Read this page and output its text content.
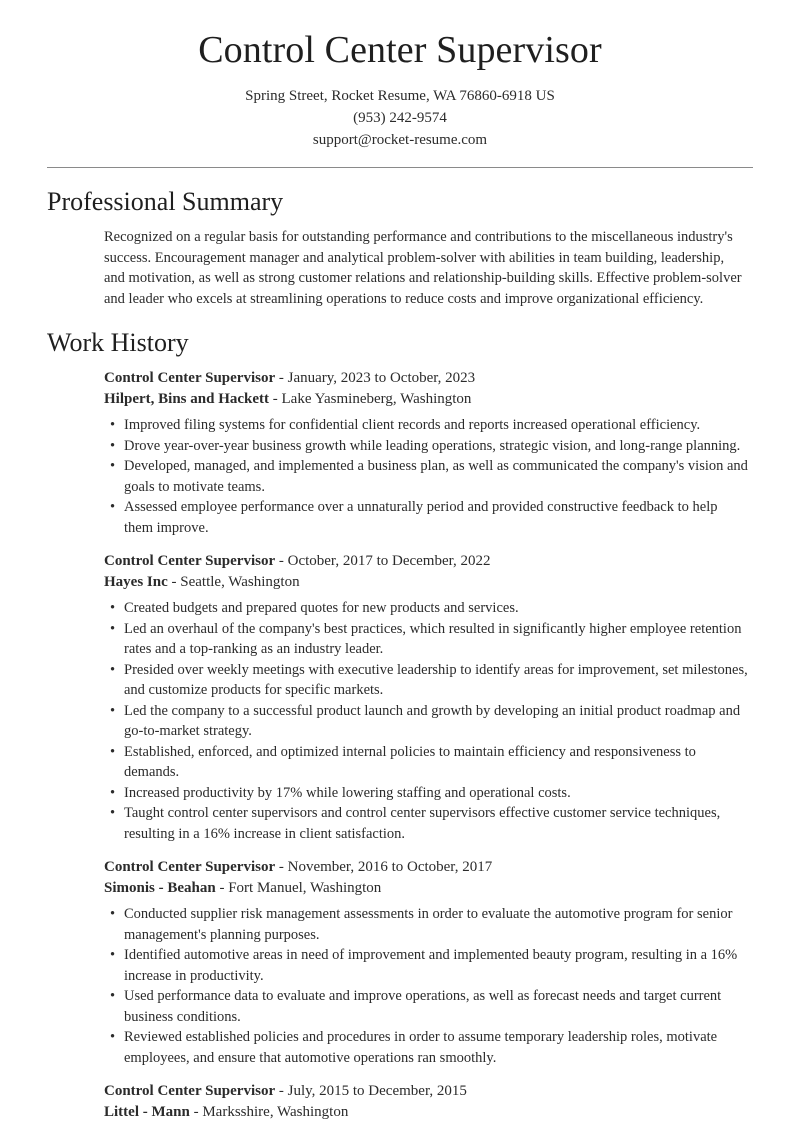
Control Center Supervisor

Spring Street, Rocket Resume, WA 76860-6918 US

(953) 242-9574

support@rocket-resume.com

Professional Summary

Recognized on a regular basis for outstanding performance and contributions to the miscellaneous industry's success. Encouragement manager and analytical problem-solver with abilities in team building, leadership, and motivation, as well as strong customer relations and relationship-building skills. Effective problem-solver and leader who excels at streamlining operations to reduce costs and improve organizational efficiency.

Work History
Control Center Supervisor - January, 2023 to October, 2023
Hilpert, Bins and Hackett - Lake Yasmineberg, Washington
• Improved filing systems for confidential client records and reports increased operational efficiency.
• Drove year-over-year business growth while leading operations, strategic vision, and long-range planning.
• Developed, managed, and implemented a business plan, as well as communicated the company's vision and goals to motivate teams.
• Assessed employee performance over a unnaturally period and provided constructive feedback to help them improve.
Control Center Supervisor - October, 2017 to December, 2022
Hayes Inc - Seattle, Washington
• Created budgets and prepared quotes for new products and services.
• Led an overhaul of the company's best practices, which resulted in significantly higher employee retention rates and a top-ranking as an industry leader.
• Presided over weekly meetings with executive leadership to identify areas for improvement, set milestones, and customize products for specific markets.
• Led the company to a successful product launch and growth by developing an initial product roadmap and go-to-market strategy.
• Established, enforced, and optimized internal policies to maintain efficiency and responsiveness to demands.
• Increased productivity by 17% while lowering staffing and operational costs.
• Taught control center supervisors and control center supervisors effective customer service techniques, resulting in a 16% increase in client satisfaction.
Control Center Supervisor - November, 2016 to October, 2017
Simonis - Beahan - Fort Manuel, Washington
• Conducted supplier risk management assessments in order to evaluate the automotive program for senior management's planning purposes.
• Identified automotive areas in need of improvement and implemented beauty program, resulting in a 16% increase in productivity.
• Used performance data to evaluate and improve operations, as well as forecast needs and target current business conditions.
• Reviewed established policies and procedures in order to assume temporary leadership roles, motivate employees, and ensure that automotive operations ran smoothly.
Control Center Supervisor - July, 2015 to December, 2015
Littel - Mann - Marksshire, Washington
